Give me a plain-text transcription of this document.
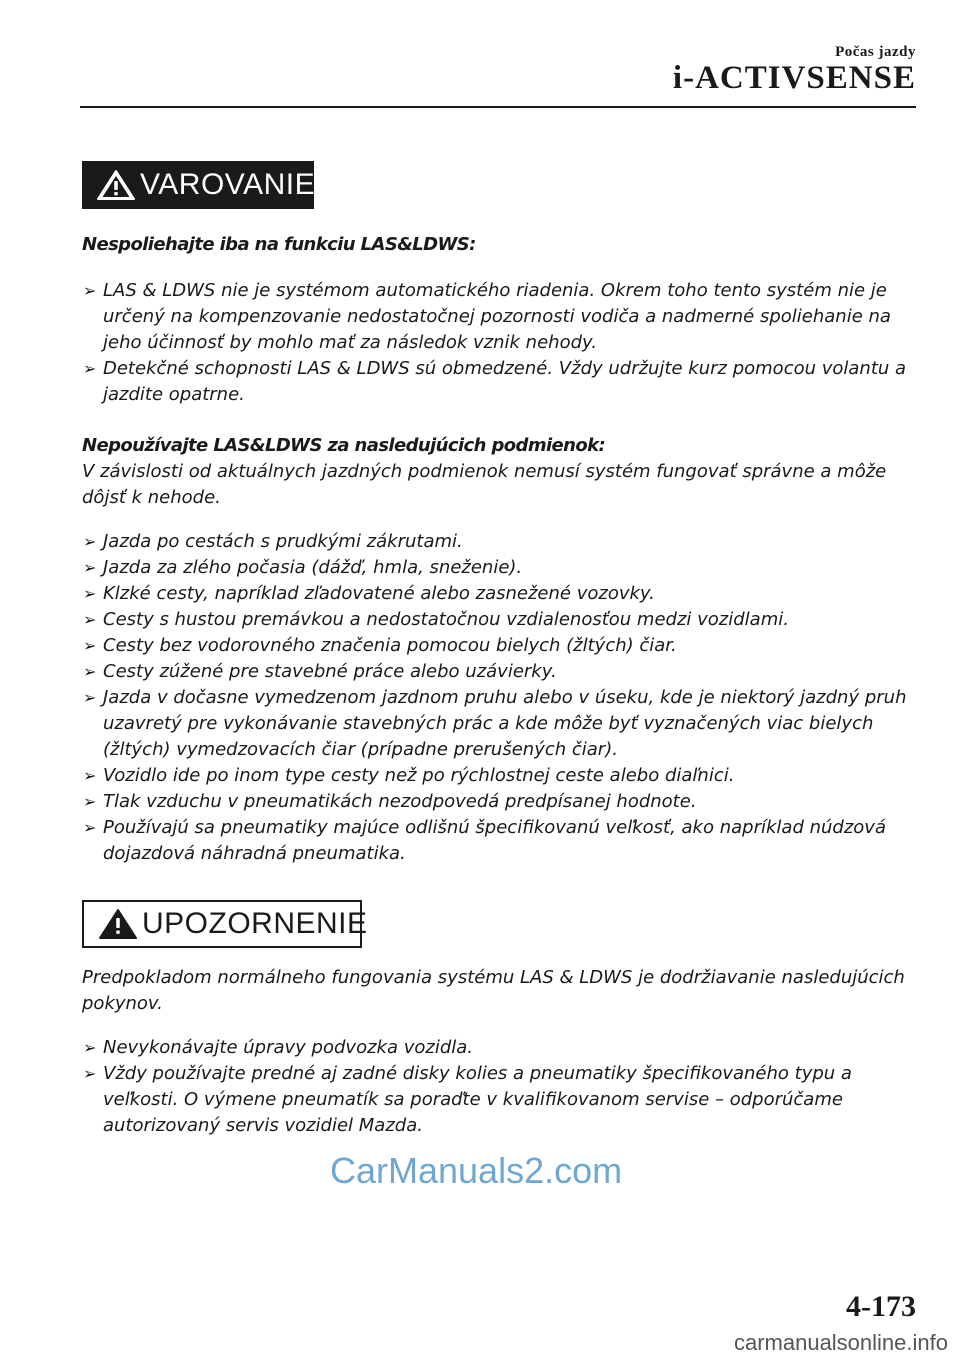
Počas jazdy
i-ACTIVSENSE
VAROVANIE

Nespoliehajte iba na funkciu LAS&LDWS:

➢ LAS & LDWS nie je systémom automatického riadenia. Okrem toho tento systém nie je určený na kompenzovanie nedostatočnej pozornosti vodiča a nadmerné spoliehanie na jeho účinnosť by mohlo mať za následok vznik nehody.
➢ Detekčné schopnosti LAS & LDWS sú obmedzené. Vždy udržujte kurz pomocou volantu a jazdite opatrne.

Nepoužívajte LAS&LDWS za nasledujúcich podmienok:

V závislosti od aktuálnych jazdných podmienok nemusí systém fungovať správne a môže dôjsť k nehode.

➢ Jazda po cestách s prudkými zákrutami.
➢ Jazda za zlého počasia (dážď, hmla, sneženie).
➢ Klzké cesty, napríklad zľadovatené alebo zasnežené vozovky.
➢ Cesty s hustou premávkou a nedostatočnou vzdialenosťou medzi vozidlami.
➢ Cesty bez vodorovného značenia pomocou bielych (žltých) čiar.
➢ Cesty zúžené pre stavebné práce alebo uzávierky.
➢ Jazda v dočasne vymedzenom jazdnom pruhu alebo v úseku, kde je niektorý jazdný pruh uzavretý pre vykonávanie stavebných prác a kde môže byť vyznačených viac bielych (žltých) vymedzovacích čiar (prípadne prerušených čiar).
➢ Vozidlo ide po inom type cesty než po rýchlostnej ceste alebo diaľnici.
➢ Tlak vzduchu v pneumatikách nezodpovedá predpísanej hodnote.
➢ Používajú sa pneumatiky majúce odlišnú špecifikovanú veľkosť, ako napríklad núdzová dojazdová náhradná pneumatika.
UPOZORNENIE

Predpokladom normálneho fungovania systému LAS & LDWS je dodržiavanie nasledujúcich pokynov.

➢ Nevykonávajte úpravy podvozka vozidla.
➢ Vždy používajte predné aj zadné disky kolies a pneumatiky špecifikovaného typu a veľkosti. O výmene pneumatík sa poraďte v kvalifikovanom servise – odporúčame autorizovaný servis vozidiel Mazda.
CarManuals2.com
4-173
carmanualsonline.info
